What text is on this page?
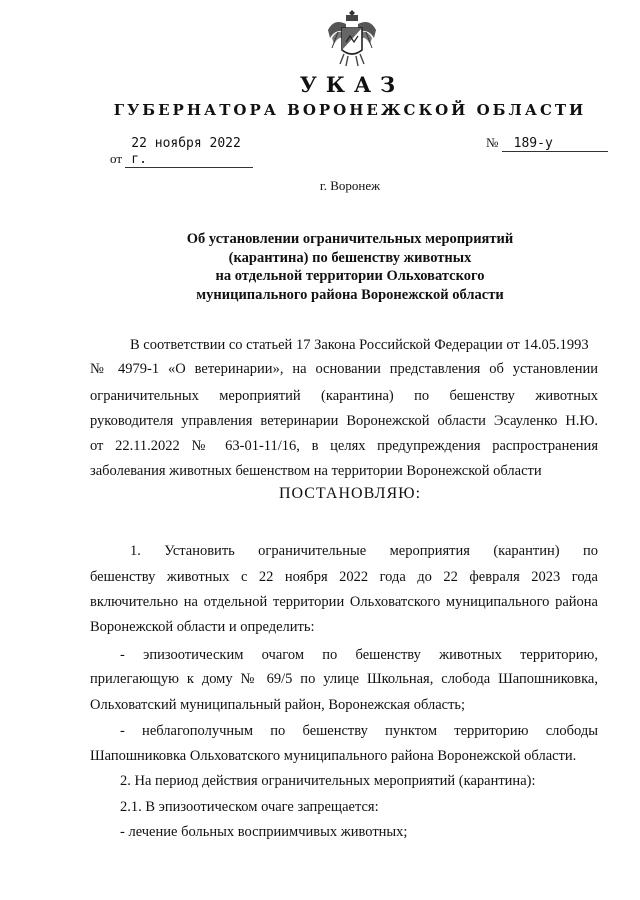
УКАЗ
ГУБЕРНАТОРА ВОРОНЕЖСКОЙ ОБЛАСТИ
от 22 ноября 2022 г.
№ 189-у
г. Воронеж
Об установлении ограничительных мероприятий
(карантина) по бешенству животных
на отдельной территории Ольховатского
муниципального района Воронежской области
В соответствии со статьей 17 Закона Российской Федерации от 14.05.1993
№ 4979-1 «О ветеринарии», на основании представления об установлении
ограничительных мероприятий (карантина) по бешенству животных
руководителя управления ветеринарии Воронежской области Эсауленко Н.Ю.
от 22.11.2022 № 63-01-11/16, в целях предупреждения распространения
заболевания животных бешенством на территории Воронежской области
ПОСТАНОВЛЯЮ:
1. Установить ограничительные мероприятия (карантин) по
бешенству животных с 22 ноября 2022 года до 22 февраля 2023 года
включительно на отдельной территории Ольховатского муниципального района
Воронежской области и определить:
- эпизоотическим очагом по бешенству животных территорию,
прилегающую к дому № 69/5 по улице Школьная, слобода Шапошниковка,
Ольховатский муниципальный район, Воронежская область;
- неблагополучным по бешенству пунктом территорию слободы
Шапошниковка Ольховатского муниципального района Воронежской области.
2. На период действия ограничительных мероприятий (карантина):
2.1. В эпизоотическом очаге запрещается:
- лечение больных восприимчивых животных;
